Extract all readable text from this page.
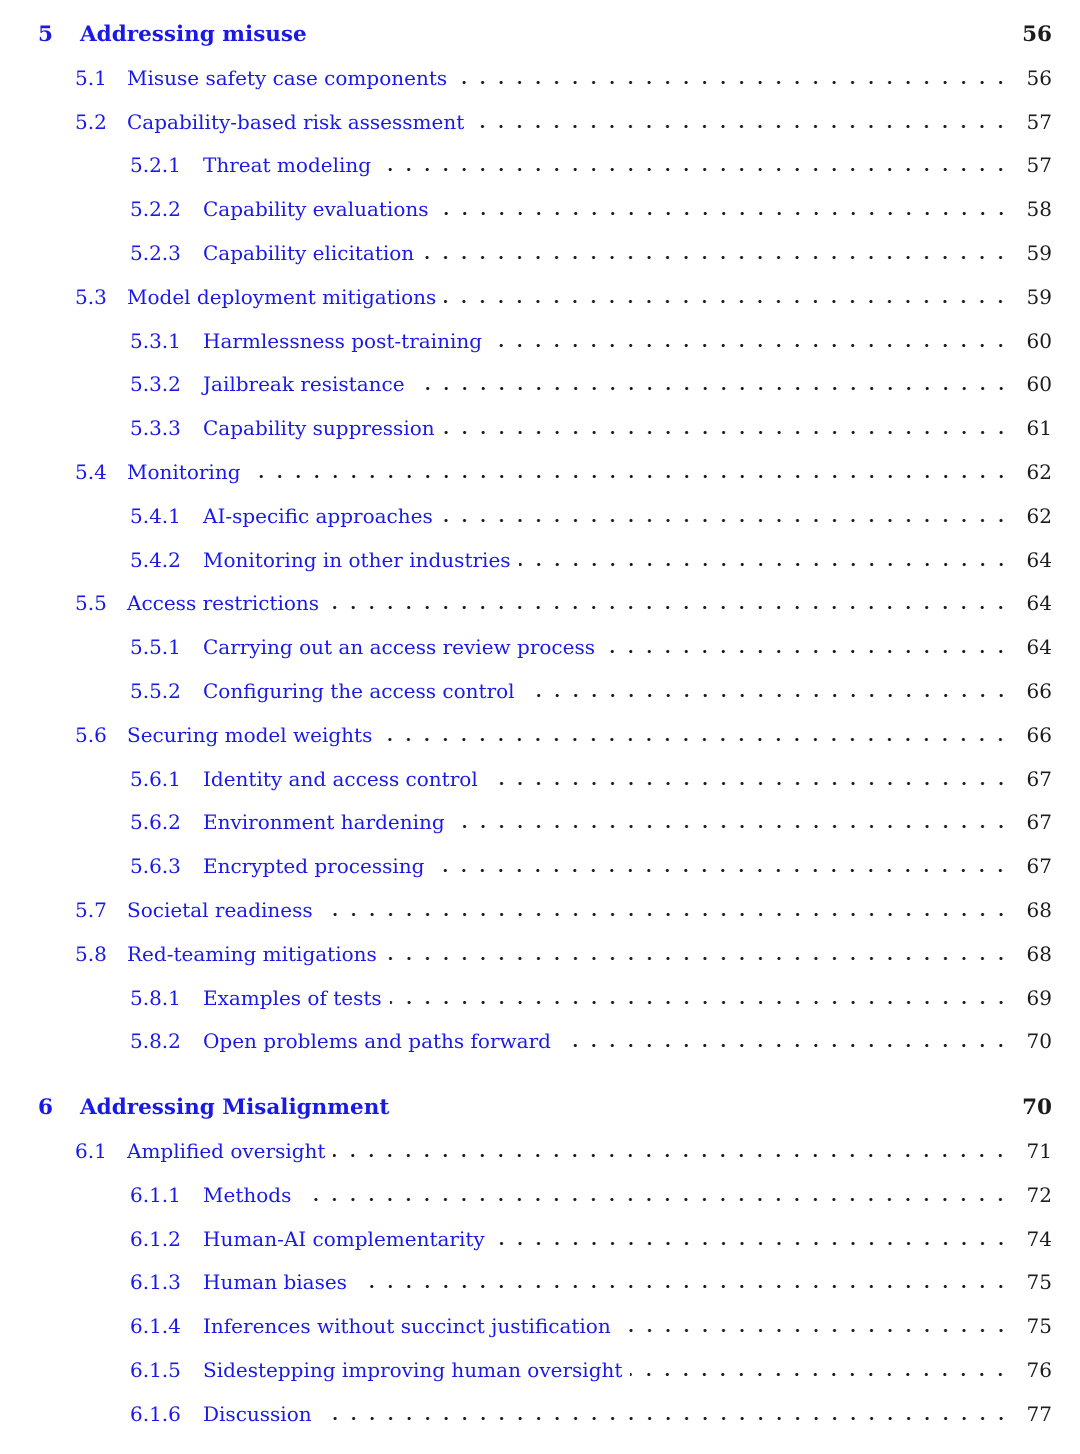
5	Addressing misuse	56
5.1	Misuse safety case components	56
5.2	Capability-based risk assessment	57
5.2.1	Threat modeling	57
5.2.2	Capability evaluations	58
5.2.3	Capability elicitation	59
5.3	Model deployment mitigations	59
5.3.1	Harmlessness post-training	60
5.3.2	Jailbreak resistance	60
5.3.3	Capability suppression	61
5.4	Monitoring	62
5.4.1	AI-specific approaches	62
5.4.2	Monitoring in other industries	64
5.5	Access restrictions	64
5.5.1	Carrying out an access review process	64
5.5.2	Configuring the access control	66
5.6	Securing model weights	66
5.6.1	Identity and access control	67
5.6.2	Environment hardening	67
5.6.3	Encrypted processing	67
5.7	Societal readiness	68
5.8	Red-teaming mitigations	68
5.8.1	Examples of tests	69
5.8.2	Open problems and paths forward	70
6	Addressing Misalignment	70
6.1	Amplified oversight	71
6.1.1	Methods	72
6.1.2	Human-AI complementarity	74
6.1.3	Human biases	75
6.1.4	Inferences without succinct justification	75
6.1.5	Sidestepping improving human oversight	76
6.1.6	Discussion	77
